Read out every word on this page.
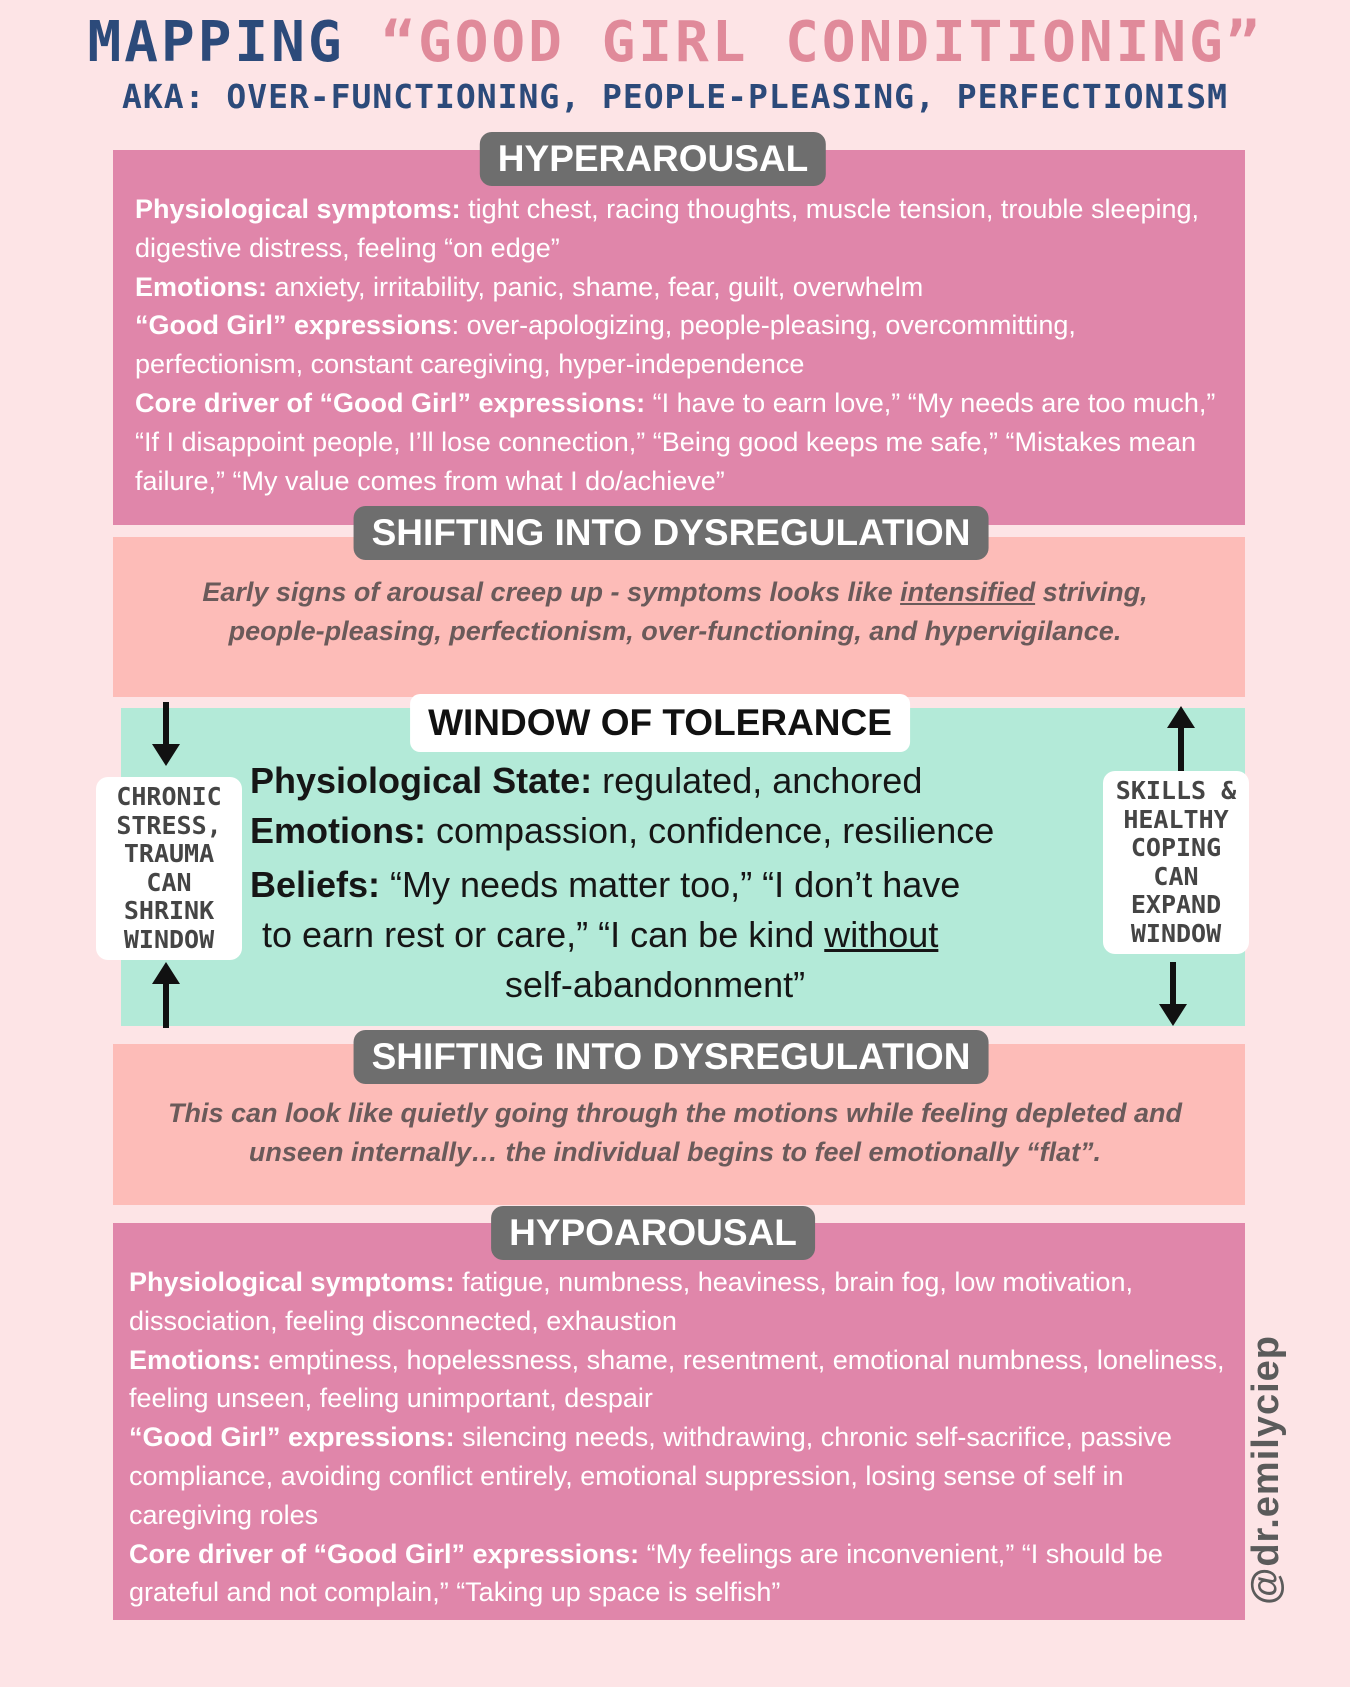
MAPPING “GOOD GIRL CONDITIONING”
AKA: OVER-FUNCTIONING, PEOPLE-PLEASING, PERFECTIONISM

Physiological symptoms: tight chest, racing thoughts, muscle tension, trouble sleeping, digestive distress, feeling “on edge”

Emotions: anxiety, irritability, panic, shame, fear, guilt, overwhelm

“Good Girl” expressions: over-apologizing, people-pleasing, overcommitting, perfectionism, constant caregiving, hyper-independence

Core driver of “Good Girl” expressions: “I have to earn love,” “My needs are too much,” “If I disappoint people, I’ll lose connection,” “Being good keeps me safe,” “Mistakes mean failure,” “My value comes from what I do/achieve”

HYPERAROUSAL
Early signs of arousal creep up - symptoms looks like intensified striving, people-pleasing, perfectionism, over-functioning, and hypervigilance.
SHIFTING INTO DYSREGULATION
WINDOW OF TOLERANCE

Physiological State: regulated, anchored

Emotions: compassion, confidence, resilience

Beliefs: “My needs matter too,” “I don’t have

to earn rest or care,” “I can be kind without

self-abandonment”

CHRONIC
STRESS,
TRAUMA
CAN
SHRINK
WINDOW
SKILLS &
HEALTHY
COPING
CAN
EXPAND
WINDOW
This can look like quietly going through the motions while feeling depleted and unseen internally… the individual begins to feel emotionally “flat”.
SHIFTING INTO DYSREGULATION

Physiological symptoms: fatigue, numbness, heaviness, brain fog, low motivation, dissociation, feeling disconnected, exhaustion

Emotions: emptiness, hopelessness, shame, resentment, emotional numbness, loneliness, feeling unseen, feeling unimportant, despair

“Good Girl” expressions: silencing needs, withdrawing, chronic self-sacrifice, passive compliance, avoiding conflict entirely, emotional suppression, losing sense of self in caregiving roles

Core driver of “Good Girl” expressions: “My feelings are inconvenient,” “I should be grateful and not complain,” “Taking up space is selfish”

HYPOAROUSAL
@dr.emilyciep
